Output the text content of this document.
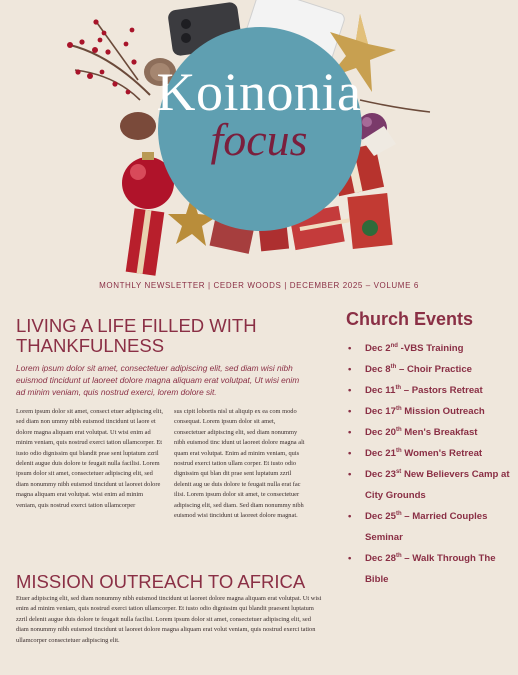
Koinonia
focus
MONTHLY NEWSLETTER | CEDER WOODS | DECEMBER 2025 – VOLUME 6
LIVING A LIFE FILLED WITH
THANKFULNESS
Lorem ipsum dolor sit amet, consectetuer adipiscing elit, sed diam wisi nibh euismod tincidunt ut laoreet dolore magna aliquam erat volutpat, Ut wisi enim ad minim veniam, quis nostrud exerci, lorem dolore sit.
Lorem ipsum dolor sit amet, consect etuer adipiscing elit, sed diam non ummy nibh euismod tincidunt ut laore et dolore magna aliquam erat volutpat. Ut wisi enim ad minim veniam, quis nostrud exerci tation ullamcorper. Et iusto odio dignissim qui blandit prae sent luptatum zzril delenit augue duis dolore te feugait nulla facilisi. Lorem ipsum dolor sit amet, consectetuer adipiscing elit, sed diam nonummy nibh euismod tincidunt ut laoreet dolore magna aliquam erat volutpat. wisi enim ad minim veniam, quis nostrud exerci tation ullamcorper
sus cipit lobortis nisl ut aliquip ex ea com modo consequat. Lorem ipsum dolor sit amet, consectetuer adipiscing elit, sed diam nonummy nibh euismod tinc idunt ut laoreet dolore magna ali quam erat volutpat. Enim ad minim veniam, quis nostrud exerci tation ullam corper. Et iusto odio dignissim qui blan dit prae sent luptatum zzril delenit aug ue duis dolore te feugait nulla erat fac ilisi. Lorem ipsum dolor sit amet, te consectetuer adipiscing elit, sed diam. Sed diam nonummy nibh euismod wisi tincidunt ut laoreet dolore magnat.
MISSION OUTREACH TO AFRICA
Etuer adipiscing elit, sed diam nonummy nibh euismod tincidunt ut laoreet dolore magna aliquam erat volutpat. Ut wisi enim ad minim veniam, quis nostrud exerci tation ullamcorper. Et iusto odio dignissim qui blandit praesent luptatum zzril delenit augue duis dolore te feugait nulla facilisi. Lorem ipsum dolor sit amet, consectetuer adipiscing elit, sed diam nonummy nibh euismod tincidunt ut laoreet dolore magna aliquam erat volut veniam, quis nostrud exerci tation ullamcorper consectetuer adipiscing elit.
Church Events
• Dec 2nd -VBS Training
• Dec 8th – Choir Practice
• Dec 11th – Pastors Retreat
• Dec 17th Mission Outreach
• Dec 20th Men's Breakfast
• Dec 21th Women's Retreat
• Dec 23st New Believers Camp at City Grounds
• Dec 25th – Married Couples Seminar
• Dec 28th – Walk Through The Bible
